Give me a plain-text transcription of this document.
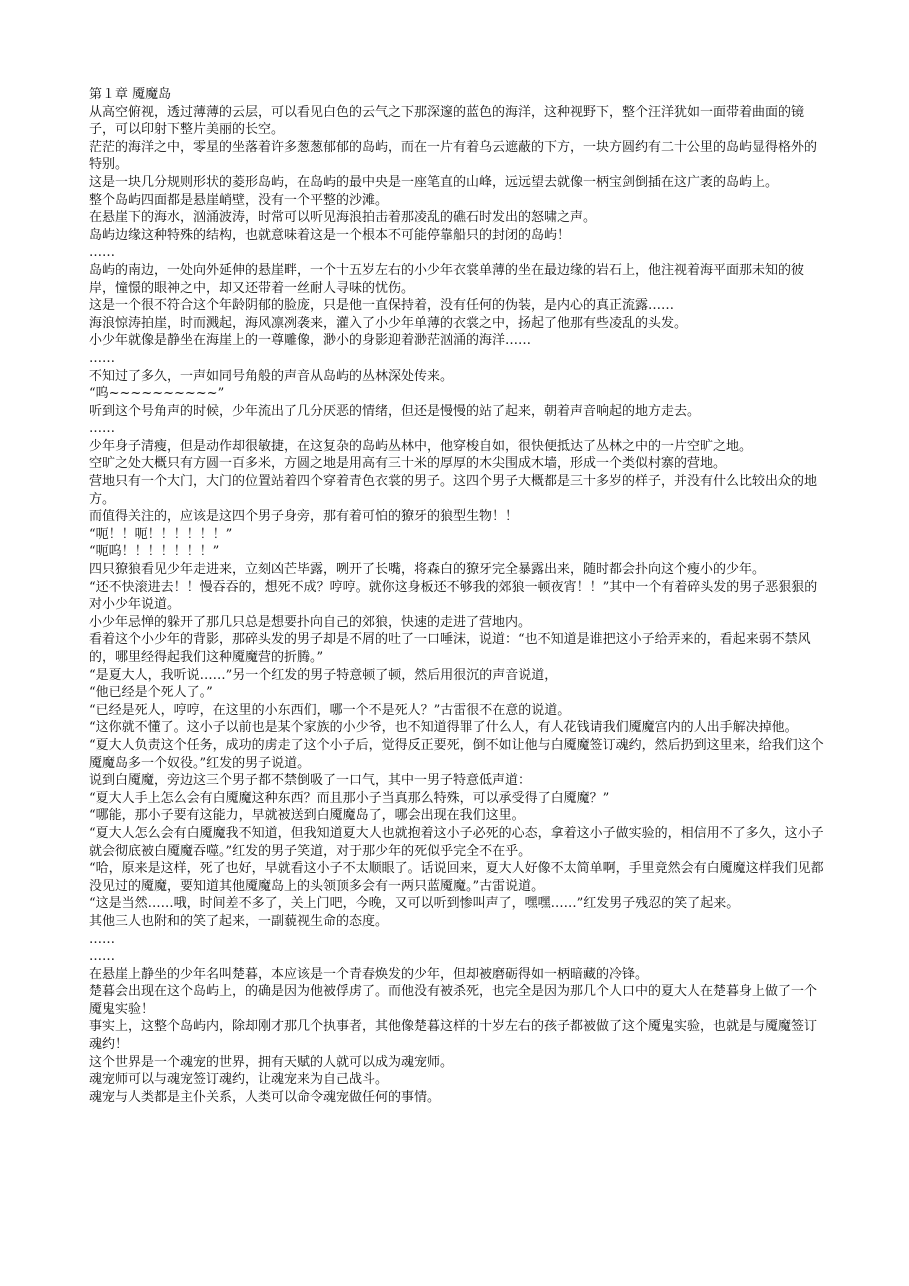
第１章 魇魔岛

从高空俯视，透过薄薄的云层，可以看见白色的云气之下那深邃的蓝色的海洋，这种视野下，整个汪洋犹如一面带着曲面的镜子，可以印射下整片美丽的长空。

茫茫的海洋之中，零星的坐落着许多葱葱郁郁的岛屿，而在一片有着乌云遮蔽的下方，一块方圆约有二十公里的岛屿显得格外的特别。

这是一块几分规则形状的菱形岛屿，在岛屿的最中央是一座笔直的山峰，远远望去就像一柄宝剑倒插在这广袤的岛屿上。

整个岛屿四面都是悬崖峭壁，没有一个平整的沙滩。

在悬崖下的海水，汹涌波涛，时常可以听见海浪拍击着那凌乱的礁石时发出的怒啸之声。

岛屿边缘这种特殊的结构，也就意味着这是一个根本不可能停靠船只的封闭的岛屿！

……

岛屿的南边，一处向外延伸的悬崖畔，一个十五岁左右的小少年衣裳单薄的坐在最边缘的岩石上，他注视着海平面那未知的彼岸，憧憬的眼神之中，却又还带着一丝耐人寻味的忧伤。

这是一个很不符合这个年龄阴郁的脸庞，只是他一直保持着，没有任何的伪装，是内心的真正流露……

海浪惊涛拍崖，时而溅起，海风凛冽袭来，灌入了小少年单薄的衣裳之中，扬起了他那有些凌乱的头发。

小少年就像是静坐在海崖上的一尊雕像，渺小的身影迎着渺茫汹涌的海洋……

……

不知过了多久，一声如同号角般的声音从岛屿的丛林深处传来。

“呜~~~~~~~~~~”

听到这个号角声的时候，少年流出了几分厌恶的情绪，但还是慢慢的站了起来，朝着声音响起的地方走去。

……

少年身子清瘦，但是动作却很敏捷，在这复杂的岛屿丛林中，他穿梭自如，很快便抵达了丛林之中的一片空旷之地。

空旷之处大概只有方圆一百多米，方圆之地是用高有三十米的厚厚的木尖围成木墙，形成一个类似村寨的营地。

营地只有一个大门，大门的位置站着四个穿着青色衣裳的男子。这四个男子大概都是三十多岁的样子，并没有什么比较出众的地方。

而值得关注的，应该是这四个男子身旁，那有着可怕的獠牙的狼型生物！！

“呃！！呃！！！！！！”

“呃呜！！！！！！！”

四只獠狼看见少年走进来，立刻凶芒毕露，咧开了长嘴，将森白的獠牙完全暴露出来，随时都会扑向这个瘦小的少年。

“还不快滚进去！！慢吞吞的，想死不成？哼哼。就你这身板还不够我的郊狼一顿夜宵！！”其中一个有着碎头发的男子恶狠狠的对小少年说道。

小少年忌惮的躲开了那几只总是想要扑向自己的郊狼，快速的走进了营地内。

看着这个小少年的背影，那碎头发的男子却是不屑的吐了一口唾沫，说道：“也不知道是谁把这小子给弄来的，看起来弱不禁风的，哪里经得起我们这种魇魔营的折腾。”

“是夏大人，我听说……”另一个红发的男子特意顿了顿，然后用很沉的声音说道，

“他已经是个死人了。”

“已经是死人，哼哼，在这里的小东西们，哪一个不是死人？”古雷很不在意的说道。

“这你就不懂了。这小子以前也是某个家族的小少爷，也不知道得罪了什么人，有人花钱请我们魇魔宫内的人出手解决掉他。

“夏大人负责这个任务，成功的虏走了这个小子后，觉得反正要死，倒不如让他与白魇魔签订魂约，然后扔到这里来，给我们这个魇魔岛多一个奴役。”红发的男子说道。

说到白魇魔，旁边这三个男子都不禁倒吸了一口气，其中一男子特意低声道：

“夏大人手上怎么会有白魇魔这种东西？而且那小子当真那么特殊，可以承受得了白魇魔？”

“哪能，那小子要有这能力，早就被送到白魇魔岛了，哪会出现在我们这里。

“夏大人怎么会有白魇魔我不知道，但我知道夏大人也就抱着这小子必死的心态，拿着这小子做实验的，相信用不了多久，这小子就会彻底被白魇魔吞噬。”红发的男子笑道，对于那少年的死似乎完全不在乎。

“哈，原来是这样，死了也好，早就看这小子不太顺眼了。话说回来，夏大人好像不太简单啊，手里竟然会有白魇魔这样我们见都没见过的魇魔，要知道其他魇魔岛上的头领顶多会有一两只蓝魇魔。”古雷说道。

“这是当然……哦，时间差不多了，关上门吧，今晚，又可以听到惨叫声了，嘿嘿……”红发男子残忍的笑了起来。

其他三人也附和的笑了起来，一副藐视生命的态度。

……

……

在悬崖上静坐的少年名叫楚暮，本应该是一个青春焕发的少年，但却被磨砺得如一柄暗藏的冷锋。

楚暮会出现在这个岛屿上，的确是因为他被俘虏了。而他没有被杀死，也完全是因为那几个人口中的夏大人在楚暮身上做了一个魇鬼实验！

事实上，这整个岛屿内，除却刚才那几个执事者，其他像楚暮这样的十岁左右的孩子都被做了这个魇鬼实验，也就是与魇魔签订魂约！

这个世界是一个魂宠的世界，拥有天赋的人就可以成为魂宠师。

魂宠师可以与魂宠签订魂约，让魂宠来为自己战斗。

魂宠与人类都是主仆关系，人类可以命令魂宠做任何的事情。
